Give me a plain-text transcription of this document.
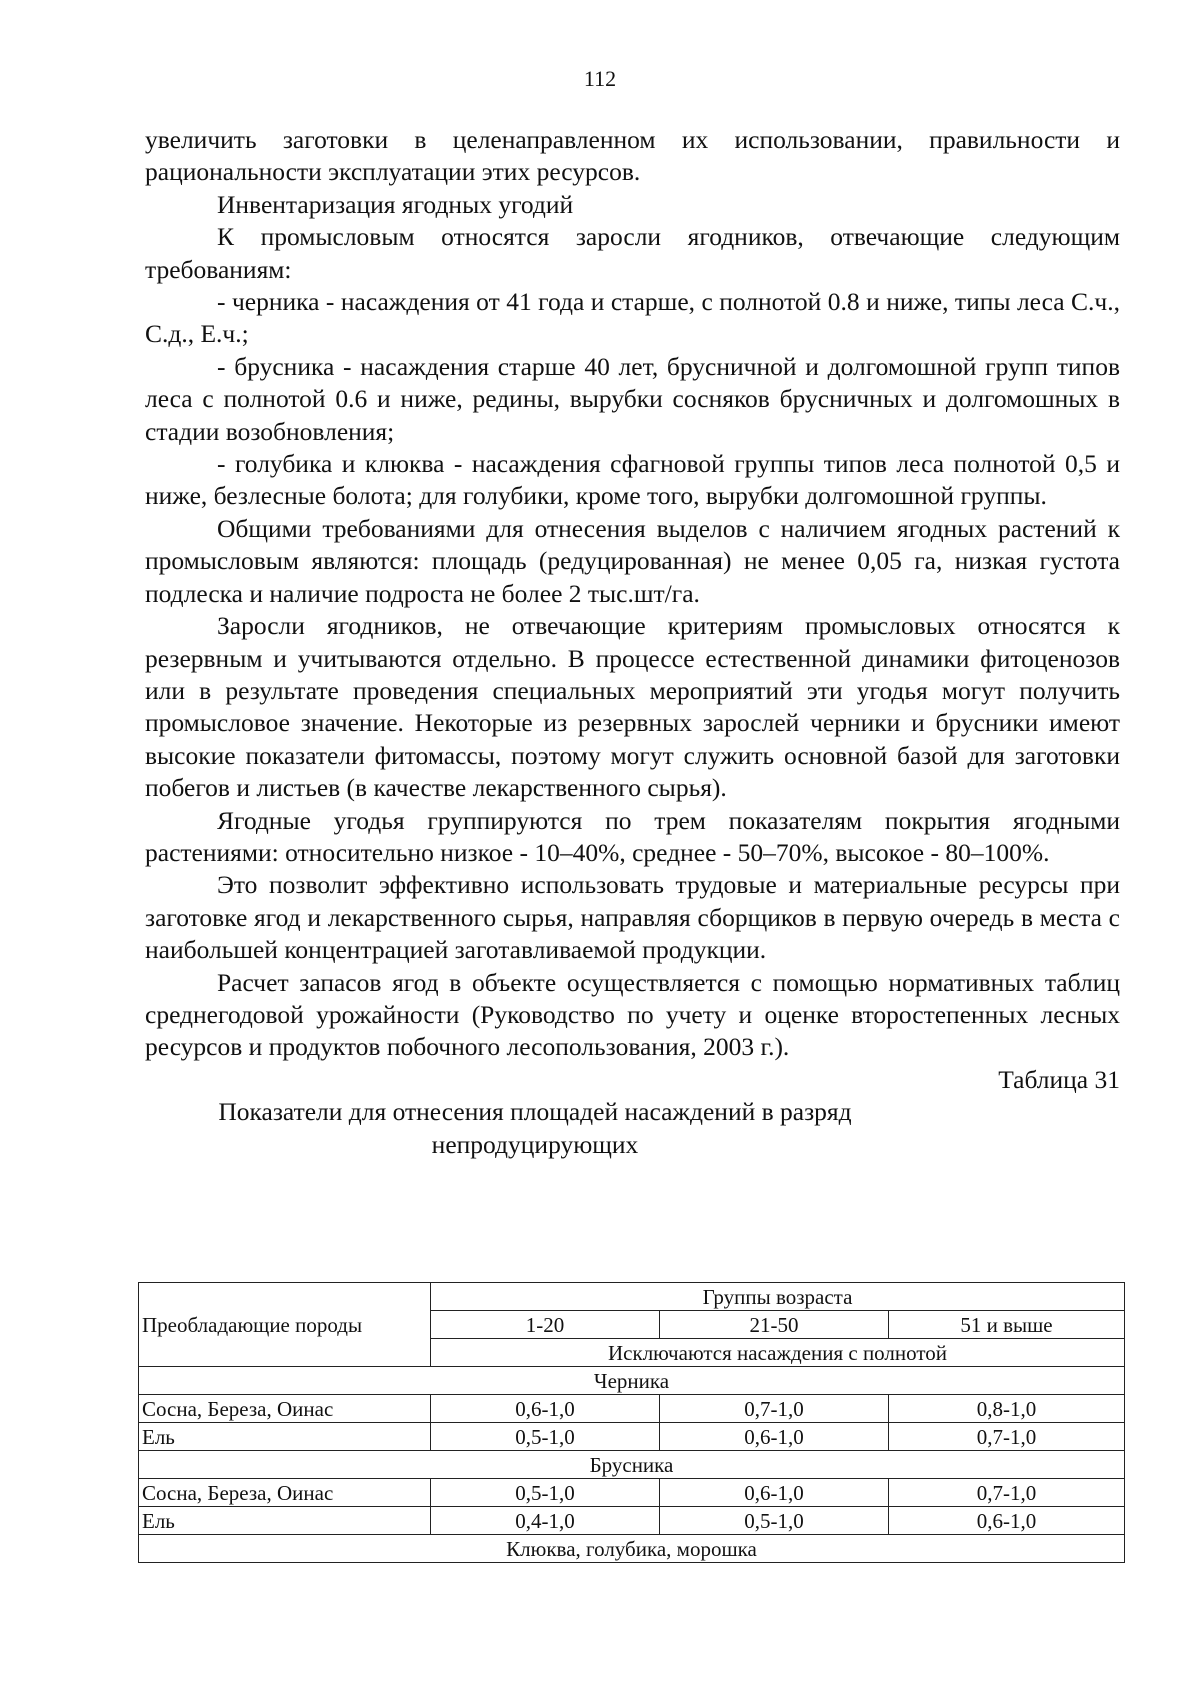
112

увеличить заготовки в целенаправленном их использовании, правильности и рациональности эксплуатации этих ресурсов.

Инвентаризация ягодных угодий

К промысловым относятся заросли ягодников, отвечающие следующим требованиям:

- черника - насаждения от 41 года и старше, с полнотой 0.8 и ниже, типы леса С.ч., С.д., Е.ч.;

- брусника - насаждения старше 40 лет, брусничной и долгомошной групп типов леса с полнотой 0.6 и ниже, редины, вырубки сосняков брусничных и долгомошных в стадии возобновления;

- голубика и клюква - насаждения сфагновой группы типов леса полнотой 0,5 и ниже, безлесные болота; для голубики, кроме того, вырубки долгомошной группы.

Общими требованиями для отнесения выделов с наличием ягодных растений к промысловым являются: площадь (редуцированная) не менее 0,05 га, низкая густота подлеска и наличие подроста не более 2 тыс.шт/га.

Заросли ягодников, не отвечающие критериям промысловых относятся к резервным и учитываются отдельно. В процессе естественной динамики фитоценозов или в результате проведения специальных мероприятий эти угодья могут получить промысловое значение. Некоторые из резервных зарослей черники и брусники имеют высокие показатели фитомассы, поэтому могут служить основной базой для заготовки побегов и листьев (в качестве лекарственного сырья).

Ягодные угодья группируются по трем показателям покрытия ягодными растениями: относительно низкое - 10–40%, среднее - 50–70%, высокое - 80–100%.

Это позволит эффективно использовать трудовые и материальные ресурсы при заготовке ягод и лекарственного сырья, направляя сборщиков в первую очередь в места с наибольшей концентрацией заготавливаемой продукции.

Расчет запасов ягод в объекте осуществляется с помощью нормативных таблиц среднегодовой урожайности (Руководство по учету и оценке второстепенных лесных ресурсов и продуктов побочного лесопользования, 2003 г.).

Таблица 31

Показатели для отнесения площадей насаждений в разряд непродуцирующих

Преобладающие породы	Группы возраста		
	1-20	21-50	51 и выше
	Исключаются насаждения с полнотой		
Черника			
Сосна, Береза, Оинас	0,6-1,0	0,7-1,0	0,8-1,0
Ель	0,5-1,0	0,6-1,0	0,7-1,0
Брусника			
Сосна, Береза, Оинас	0,5-1,0	0,6-1,0	0,7-1,0
Ель	0,4-1,0	0,5-1,0	0,6-1,0
Клюква, голубика, морошка			
